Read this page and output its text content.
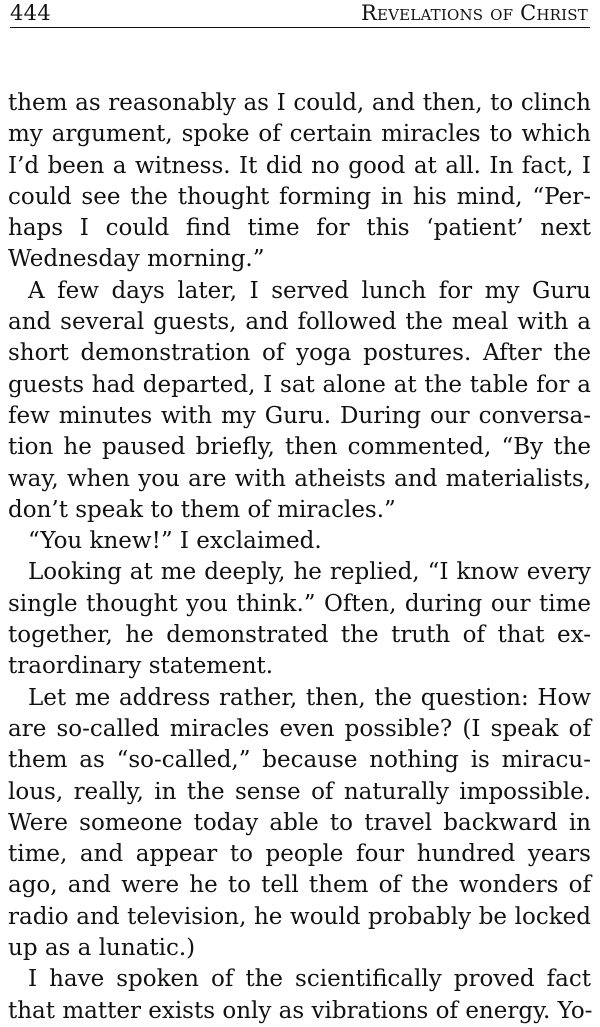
444	Revelations of Christ
them as reasonably as I could, and then, to clinch
my argument, spoke of certain miracles to which
I’d been a witness. It did no good at all. In fact, I
could see the thought forming in his mind, “Per-
haps I could find time for this ‘patient’ next
Wednesday morning.”
A few days later, I served lunch for my Guru
and several guests, and followed the meal with a
short demonstration of yoga postures. After the
guests had departed, I sat alone at the table for a
few minutes with my Guru. During our conversa-
tion he paused briefly, then commented, “By the
way, when you are with atheists and materialists,
don’t speak to them of miracles.”
“You knew!” I exclaimed.
Looking at me deeply, he replied, “I know every
single thought you think.” Often, during our time
together, he demonstrated the truth of that ex-
traordinary statement.
Let me address rather, then, the question: How
are so-called miracles even possible? (I speak of
them as “so-called,” because nothing is miracu-
lous, really, in the sense of naturally impossible.
Were someone today able to travel backward in
time, and appear to people four hundred years
ago, and were he to tell them of the wonders of
radio and television, he would probably be locked
up as a lunatic.)
I have spoken of the scientifically proved fact
that matter exists only as vibrations of energy. Yo-
